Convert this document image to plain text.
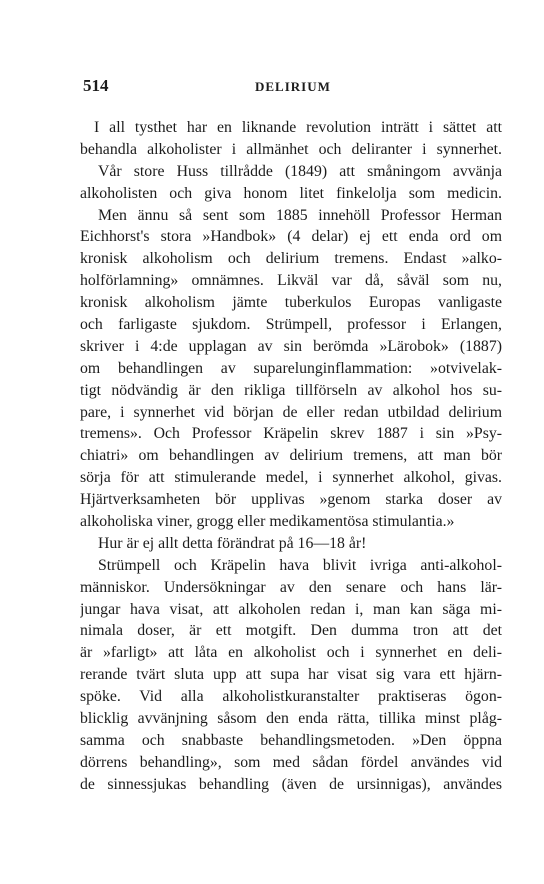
514	DELIRIUM
I all tysthet har en liknande revolution inträtt i sättet att
behandla alkoholister i allmänhet och deliranter i synnerhet.
Vår store Huss tillrådde (1849) att småningom avvänja
alkoholisten och giva honom litet finkelolja som medicin.
Men ännu så sent som 1885 innehöll Professor Herman
Eichhorst's stora »Handbok» (4 delar) ej ett enda ord om
kronisk alkoholism och delirium tremens. Endast »alko-
holförlamning» omnämnes. Likväl var då, såväl som nu,
kronisk alkoholism jämte tuberkulos Europas vanligaste
och farligaste sjukdom. Strümpell, professor i Erlangen,
skriver i 4:de upplagan av sin berömda »Lärobok» (1887)
om behandlingen av suparelunginflammation: »otvivelak-
tigt nödvändig är den rikliga tillförseln av alkohol hos su-
pare, i synnerhet vid början de eller redan utbildad delirium
tremens». Och Professor Kräpelin skrev 1887 i sin »Psy-
chiatri» om behandlingen av delirium tremens, att man bör
sörja för att stimulerande medel, i synnerhet alkohol, givas.
Hjärtverksamheten bör upplivas »genom starka doser av
alkoholiska viner, grogg eller medikamentösa stimulantia.»
Hur är ej allt detta förändrat på 16—18 år!
Strümpell och Kräpelin hava blivit ivriga anti-alkohol-
människor. Undersökningar av den senare och hans lär-
jungar hava visat, att alkoholen redan i, man kan säga mi-
nimala doser, är ett motgift. Den dumma tron att det
är »farligt» att låta en alkoholist och i synnerhet en deli-
rerande tvärt sluta upp att supa har visat sig vara ett hjärn-
spöke. Vid alla alkoholistkuranstalter praktiseras ögon-
blicklig avvänjning såsom den enda rätta, tillika minst plåg-
samma och snabbaste behandlingsmetoden. »Den öppna
dörrens behandling», som med sådan fördel användes vid
de sinnessjukas behandling (även de ursinnigas), användes
